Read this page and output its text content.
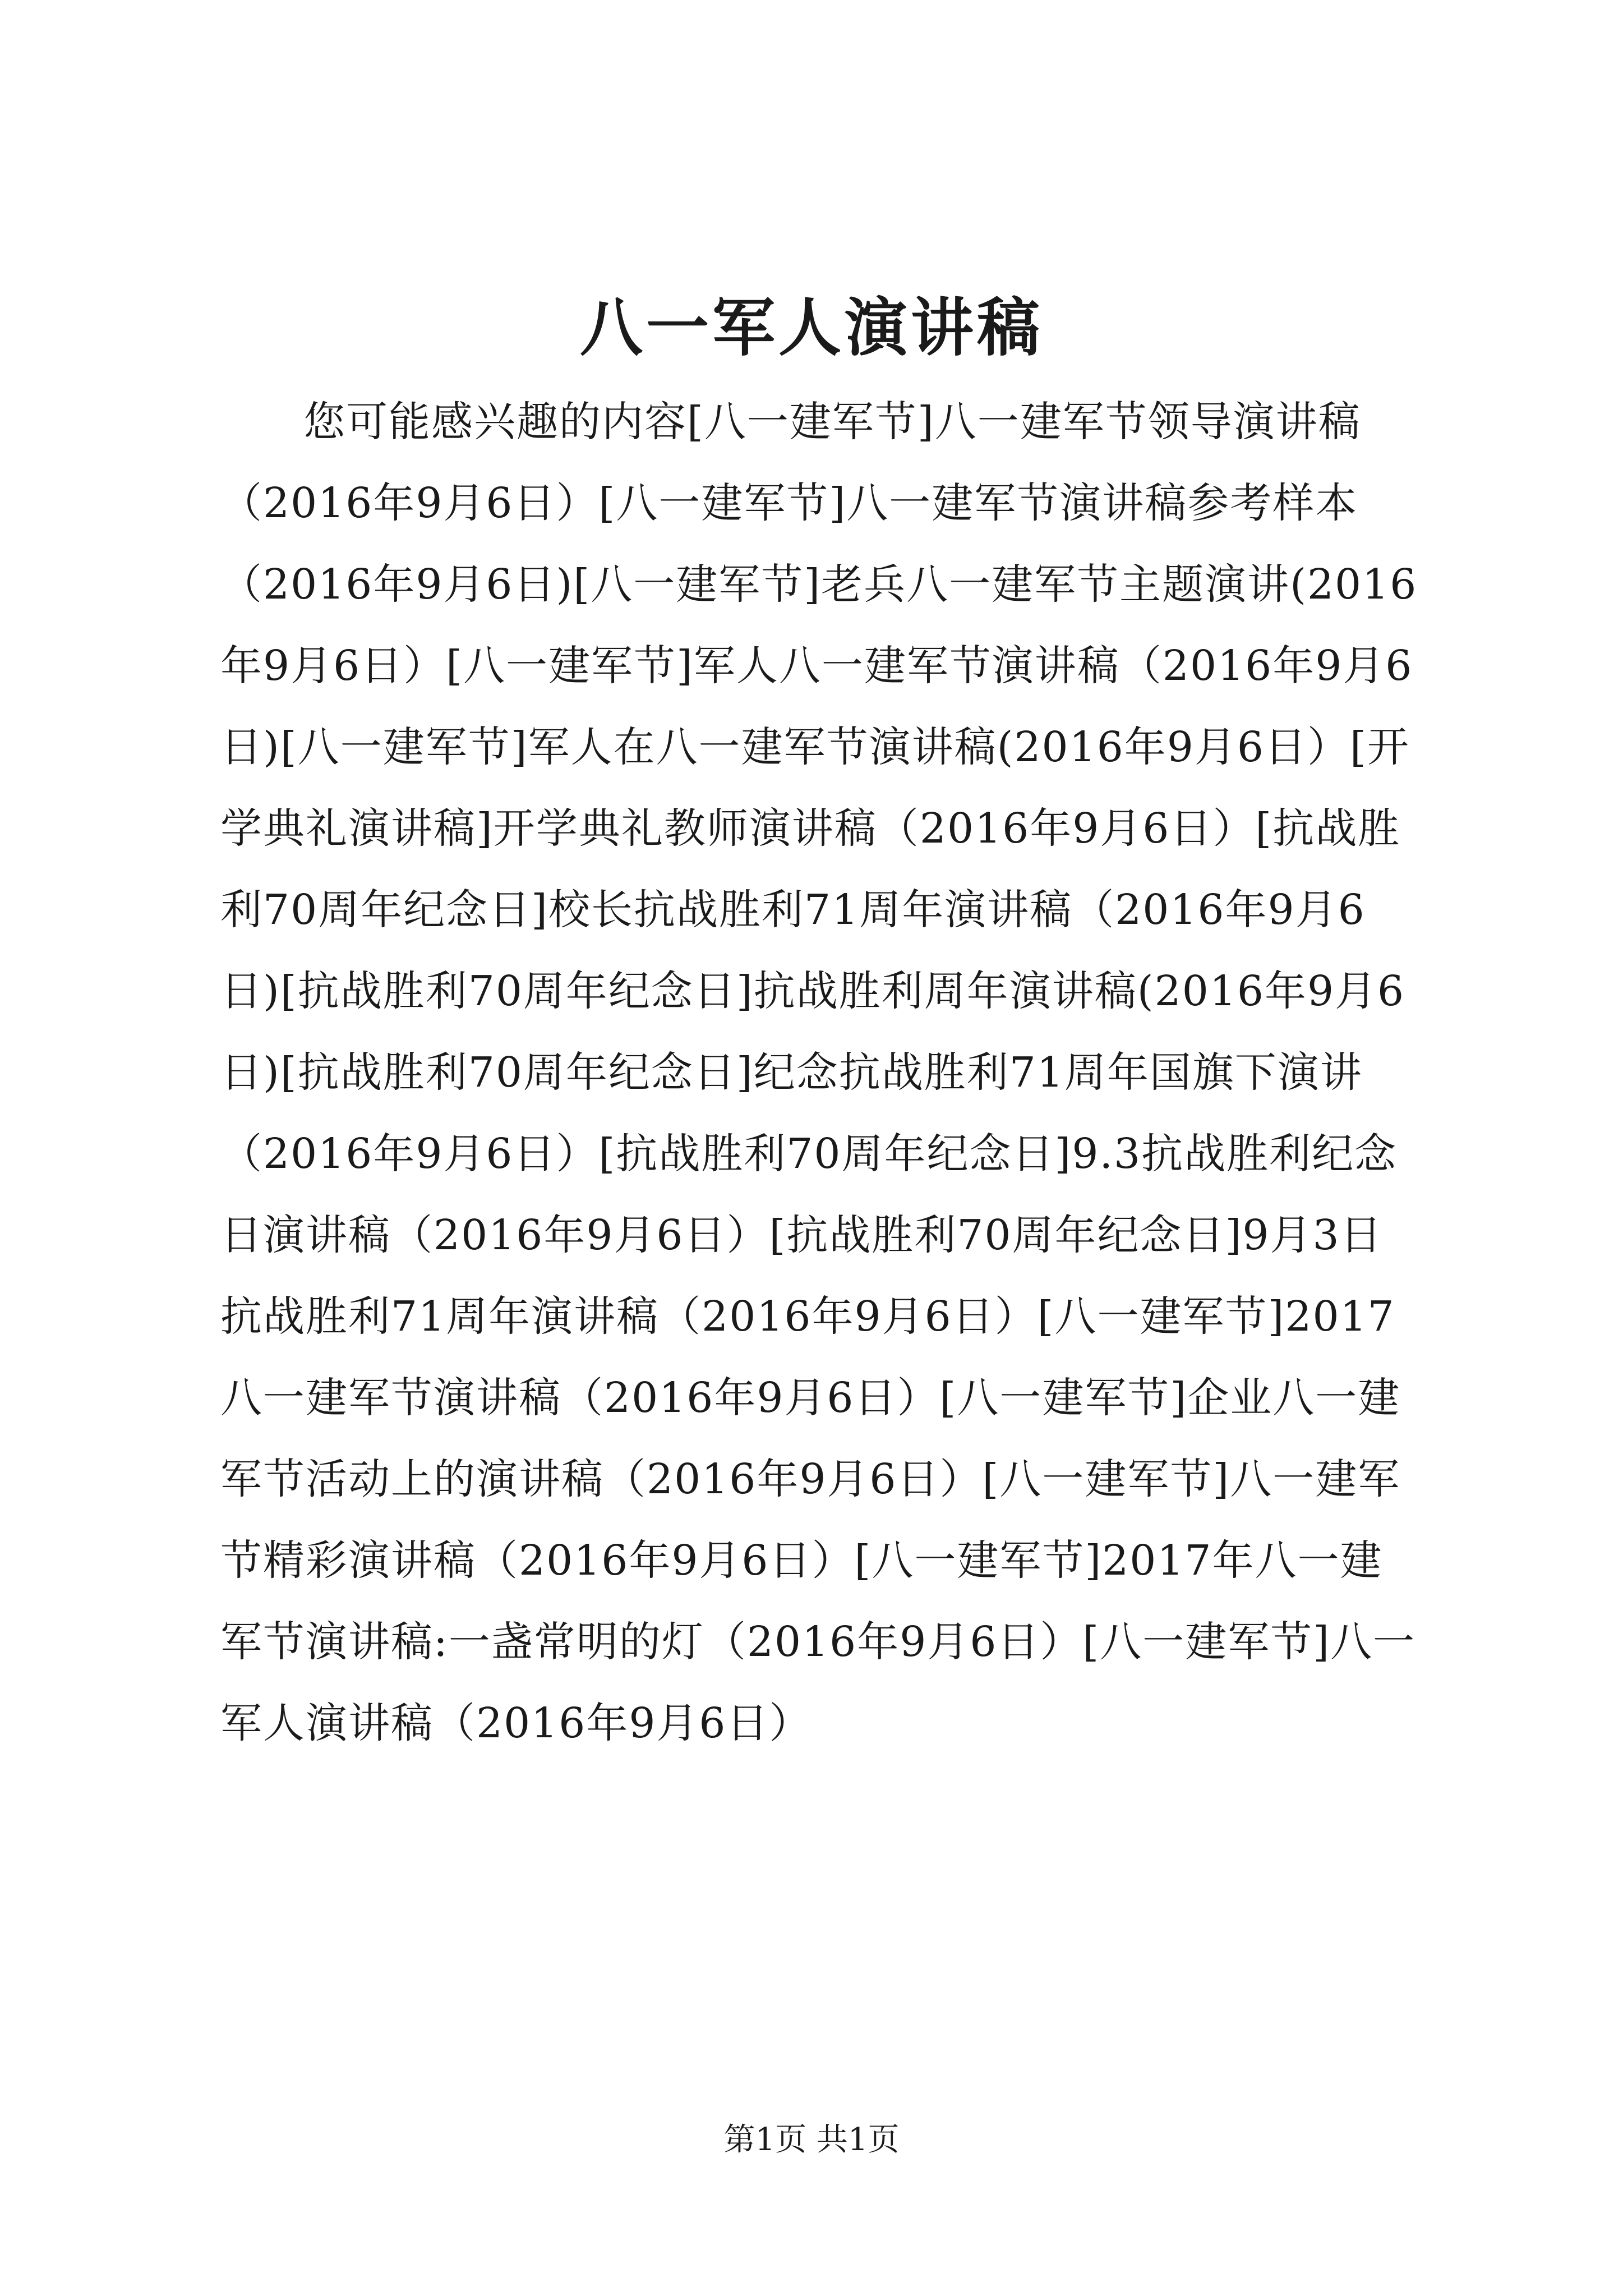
八一军人演讲稿

您可能感兴趣的内容[八一建军节]八一建军节领导演讲稿（2016年9月6日）[八一建军节]八一建军节演讲稿参考样本（2016年9月6日)[八一建军节]老兵八一建军节主题演讲(2016年9月6日）[八一建军节]军人八一建军节演讲稿（2016年9月6日)[八一建军节]军人在八一建军节演讲稿(2016年9月6日）[开学典礼演讲稿]开学典礼教师演讲稿（2016年9月6日）[抗战胜利70周年纪念日]校长抗战胜利71周年演讲稿（2016年9月6日)[抗战胜利70周年纪念日]抗战胜利周年演讲稿(2016年9月6日)[抗战胜利70周年纪念日]纪念抗战胜利71周年国旗下演讲（2016年9月6日）[抗战胜利70周年纪念日]9.3抗战胜利纪念日演讲稿（2016年9月6日）[抗战胜利70周年纪念日]9月3日抗战胜利71周年演讲稿（2016年9月6日）[八一建军节]2017八一建军节演讲稿（2016年9月6日）[八一建军节]企业八一建军节活动上的演讲稿（2016年9月6日）[八一建军节]八一建军节精彩演讲稿（2016年9月6日）[八一建军节]2017年八一建军节演讲稿:一盏常明的灯（2016年9月6日）[八一建军节]八一军人演讲稿（2016年9月6日）

第1页 共1页
